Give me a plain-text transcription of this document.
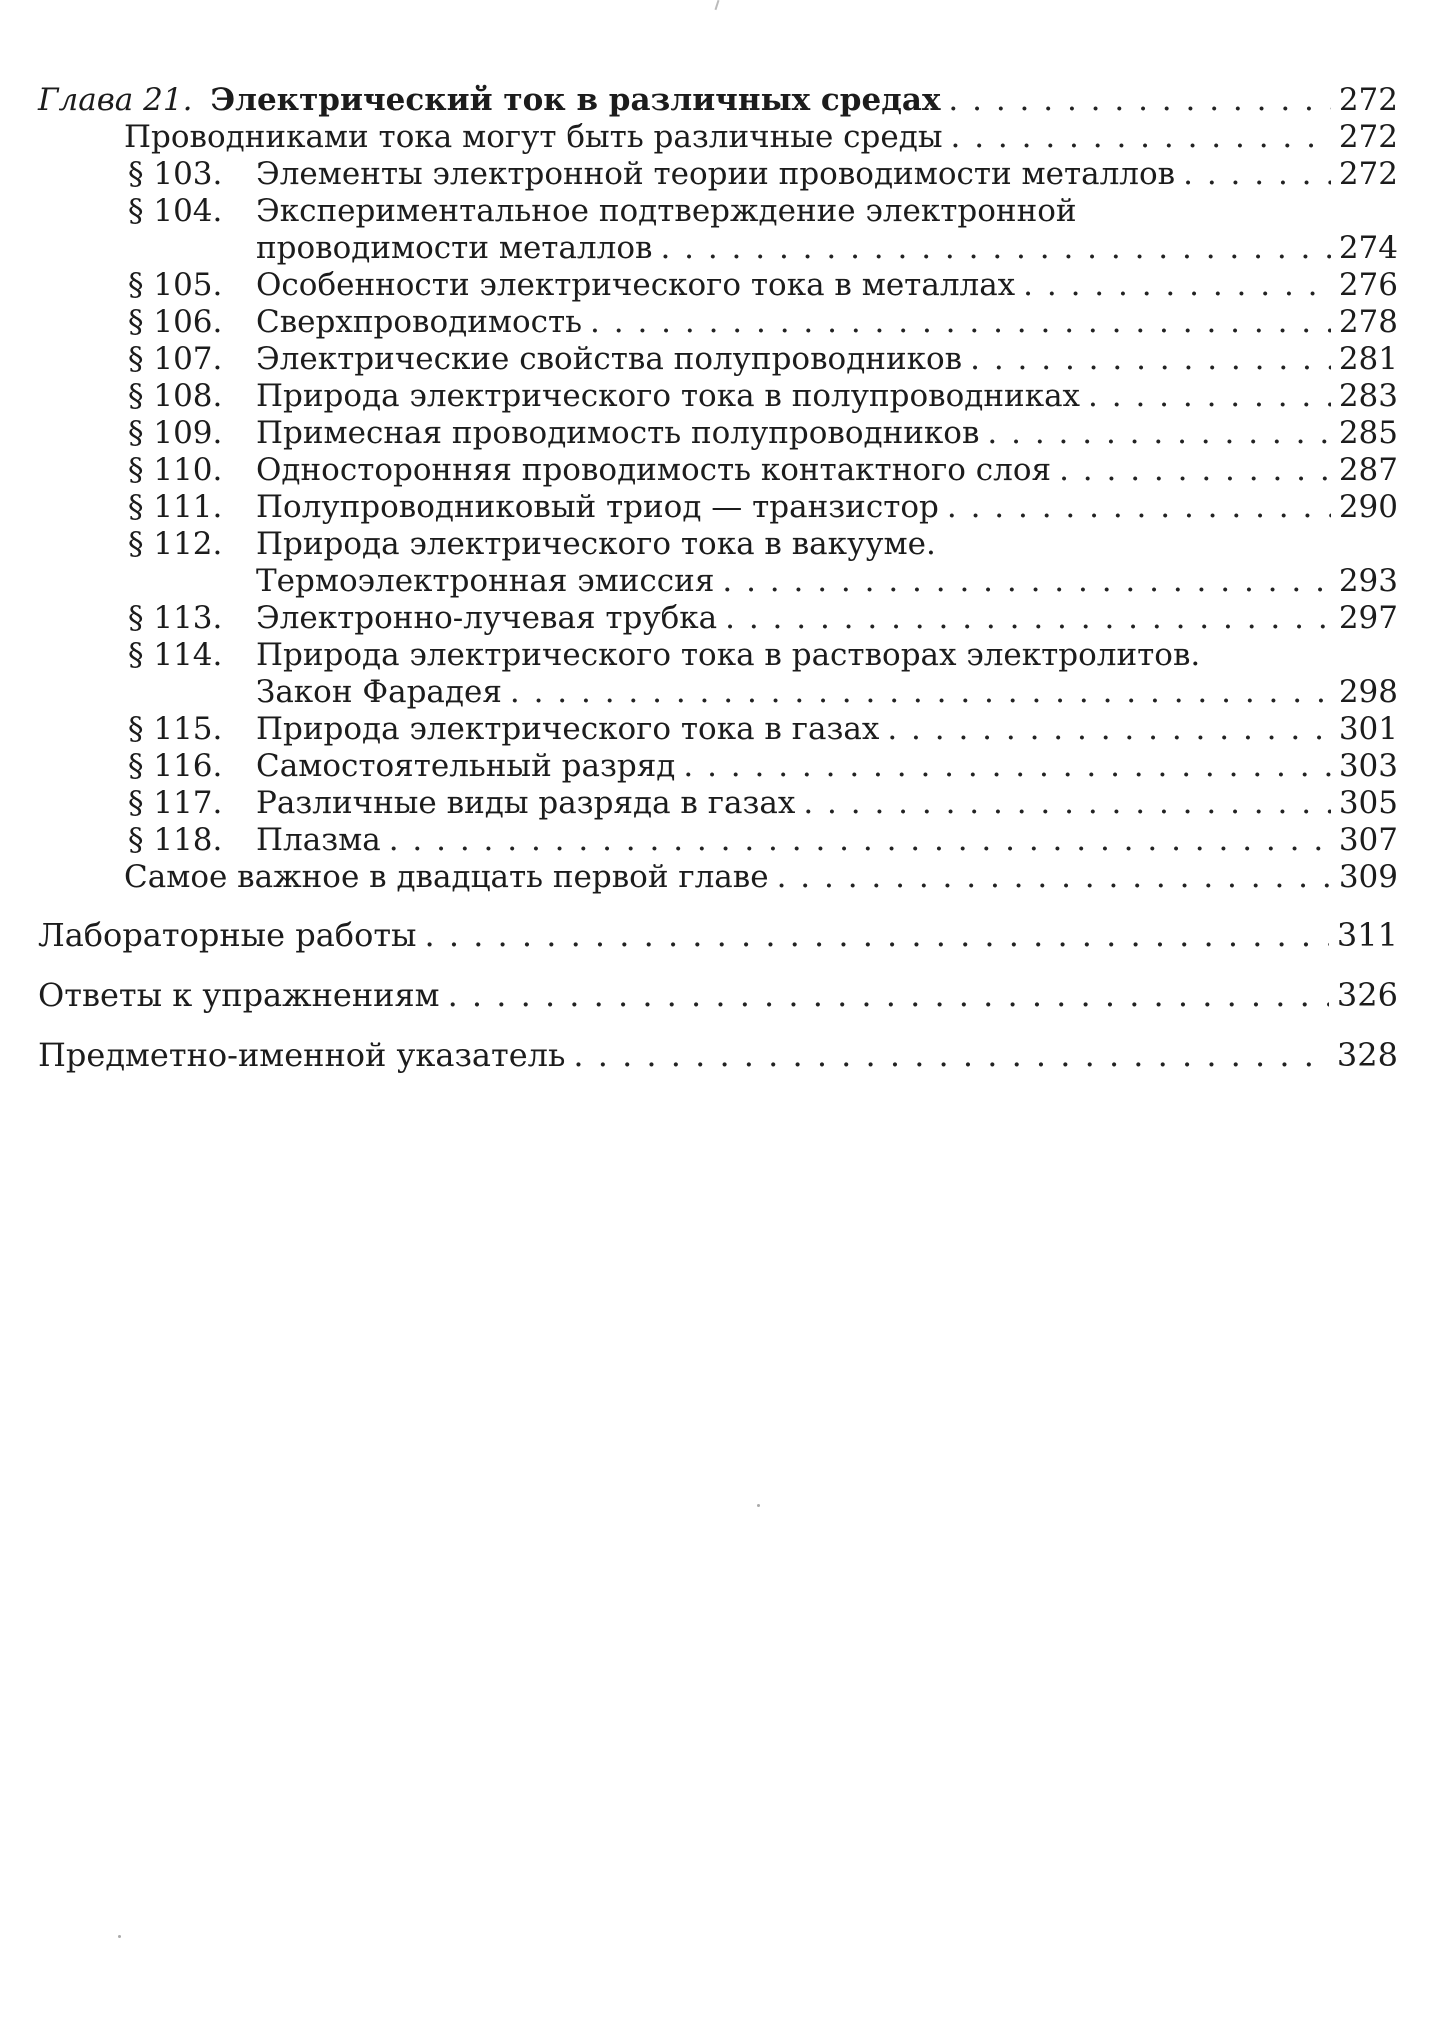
Глава 21. Электрический ток в различных средах . . .	272
Проводниками тока могут быть различные среды . . .	272
§ 103.	Элементы электронной теории проводимости металлов . . .	272
§ 104.	Экспериментальное подтверждение электронной
проводимости металлов . . .	274
§ 105.	Особенности электрического тока в металлах . . .	276
§ 106.	Сверхпроводимость . . .	278
§ 107.	Электрические свойства полупроводников . . .	281
§ 108.	Природа электрического тока в полупроводниках . . .	283
§ 109.	Примесная проводимость полупроводников . . .	285
§ 110.	Односторонняя проводимость контактного слоя . . .	287
§ 111.	Полупроводниковый триод — транзистор . . .	290
§ 112.	Природа электрического тока в вакууме.
Термоэлектронная эмиссия . . .	293
§ 113.	Электронно-лучевая трубка . . .	297
§ 114.	Природа электрического тока в растворах электролитов.
Закон Фарадея . . .	298
§ 115.	Природа электрического тока в газах . . .	301
§ 116.	Самостоятельный разряд . . .	303
§ 117.	Различные виды разряда в газах . . .	305
§ 118.	Плазма . . .	307
Самое важное в двадцать первой главе . . .	309
Лабораторные работы . . .	311
Ответы к упражнениям . . .	326
Предметно-именной указатель . . .	328
